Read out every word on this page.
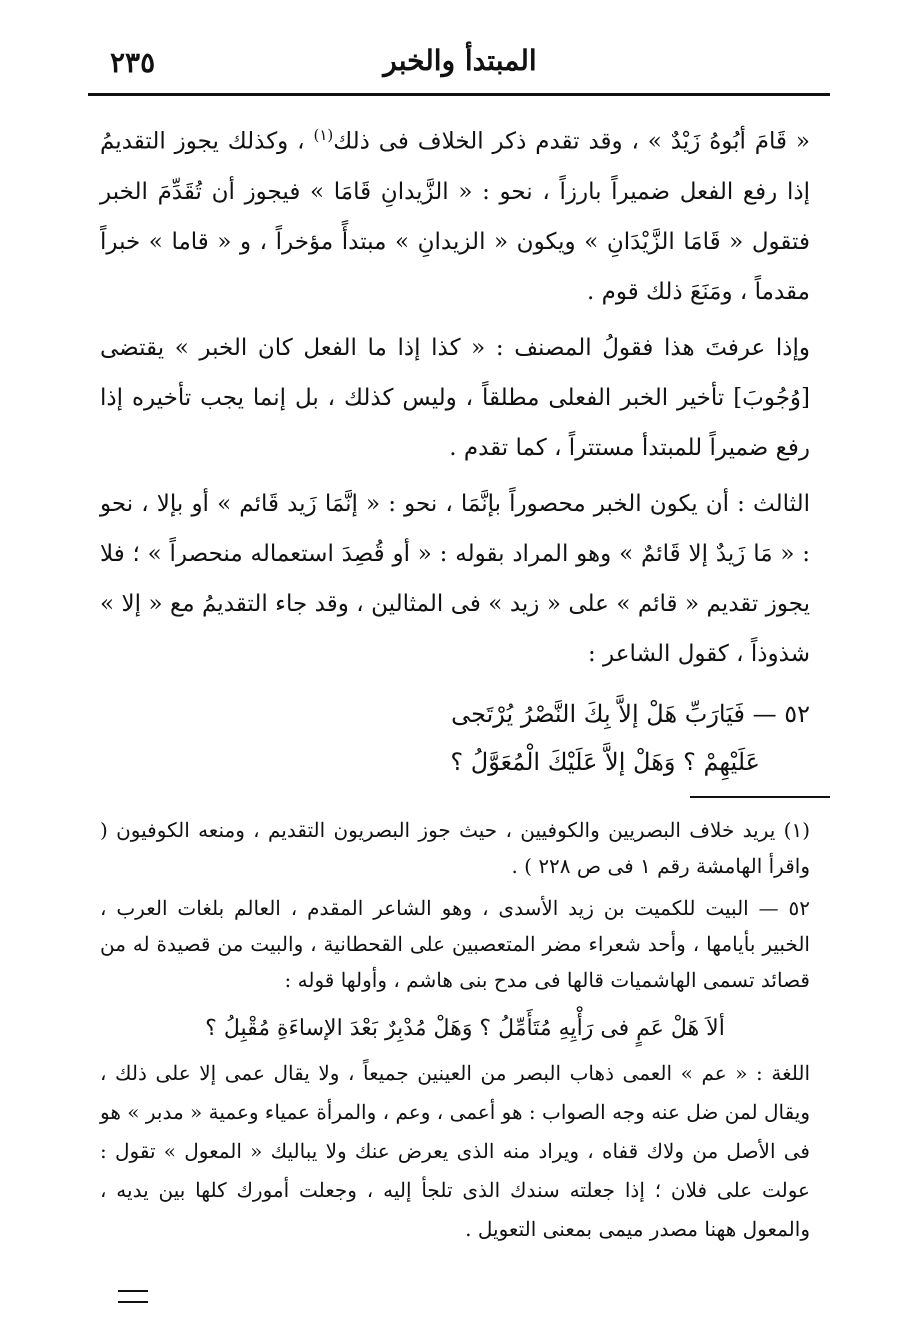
٢٣٥	المبتدأ والخبر

« قَامَ أبُوهُ زَيْدٌ » ، وقد تقدم ذكر الخلاف فى ذلك$^{(١)}$ ، وكذلك يجوز التقديمُ إذا رفع الفعل ضميراً بارزاً ، نحو : « الزَّيدانِ قَامَا » فيجوز أن تُقَدِّمَ الخبر فتقول « قَامَا الزَّيْدَانِ » ويكون « الزيدانِ » مبتدأً مؤخراً ، و « قاما » خبراً مقدماً ، ومَنَعَ ذلك قوم .

وإذا عرفتَ هذا فقولُ المصنف : « كذا إذا ما الفعل كان الخبر » يقتضى [وُجُوبَ] تأخير الخبر الفعلى مطلقاً ، وليس كذلك ، بل إنما يجب تأخيره إذا رفع ضميراً للمبتدأ مستتراً ، كما تقدم .

الثالث : أن يكون الخبر محصوراً بإنَّمَا ، نحو : « إنَّمَا زَيد قَائم » أو بإلا ، نحو : « مَا زَيدٌ إلا قَائمٌ » وهو المراد بقوله : « أو قُصِدَ استعماله منحصراً » ؛ فلا يجوز تقديم « قائم » على « زيد » فى المثالين ، وقد جاء التقديمُ مع « إلا » شذوذاً ، كقول الشاعر :

٥٢ — فَيَارَبِّ هَلْ إلاَّ بِكَ النَّصْرُ يُرْتَجى
عَلَيْهِمْ ؟ وَهَلْ إلاَّ عَلَيْكَ الْمُعَوَّلُ ؟

(١) يريد خلاف البصريين والكوفيين ، حيث جوز البصريون التقديم ، ومنعه الكوفيون ( واقرأ الهامشة رقم ١ فى ص ٢٢٨ ) .

٥٢ — البيت للكميت بن زيد الأسدى ، وهو الشاعر المقدم ، العالم بلغات العرب ، الخبير بأيامها ، وأحد شعراء مضر المتعصبين على القحطانية ، والبيت من قصيدة له من قصائد تسمى الهاشميات قالها فى مدح بنى هاشم ، وأولها قوله :

ألاَ هَلْ عَمٍ فى رَأْيِهِ مُتَأَمِّلُ ؟ وَهَلْ مُدْبِرٌ بَعْدَ الإساءَةِ مُقْبِلُ ؟

اللغة : « عم » العمى ذهاب البصر من العينين جميعاً ، ولا يقال عمى إلا على ذلك ، ويقال لمن ضل عنه وجه الصواب : هو أعمى ، وعم ، والمرأة عمياء وعمية « مدبر » هو فى الأصل من ولاك قفاه ، ويراد منه الذى يعرض عنك ولا يباليك « المعول » تقول : عولت على فلان ؛ إذا جعلته سندك الذى تلجأ إليه ، وجعلت أمورك كلها بين يديه ، والمعول ههنا مصدر ميمى بمعنى التعويل .
